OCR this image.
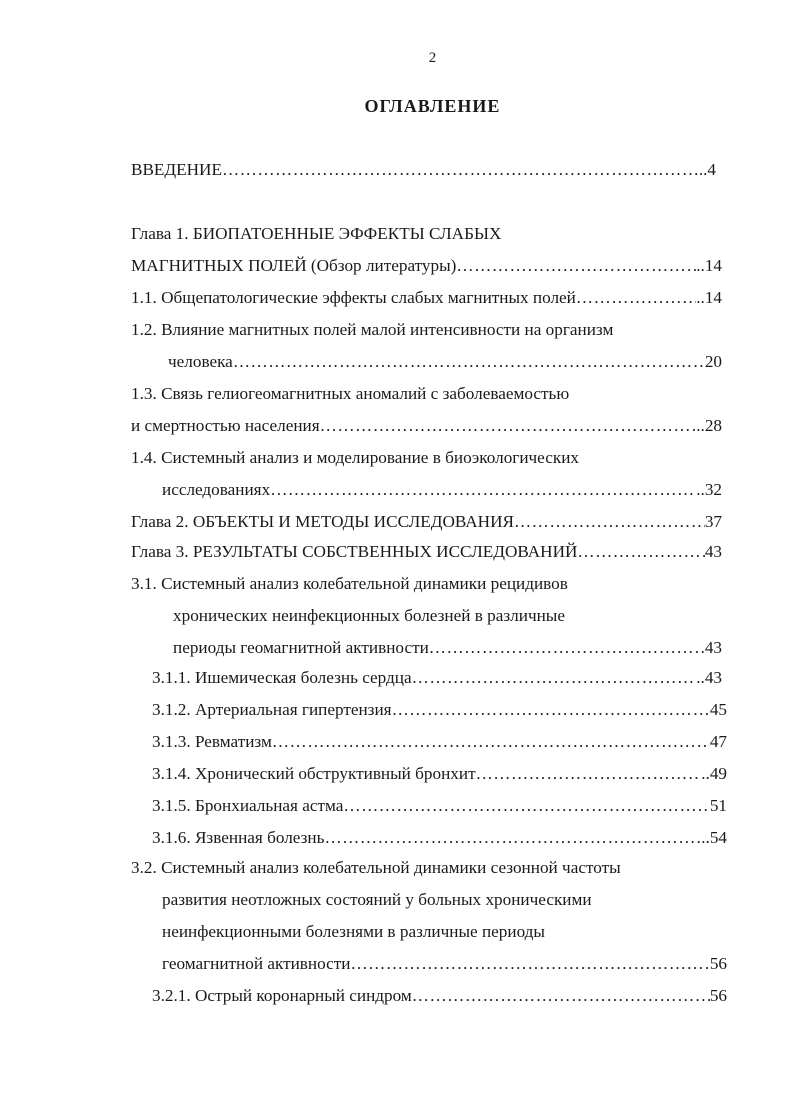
2
ОГЛАВЛЕНИЕ
ВВЕДЕНИЕ ……………………………………………………………………………………………………………………………………………………………………………………	..4
Глава 1. БИОПАТОЕННЫЕ ЭФФЕКТЫ СЛАБЫХ
МАГНИТНЫХ ПОЛЕЙ (Обзор литературы) ……………………………………………………………………………………………………………………………………………………………………………………	..14
1.1. Общепатологические эффекты слабых магнитных полей ……………………………………………………………………………………………………………………………………………………………………………………	..14
1.2. Влияние магнитных полей малой интенсивности на организм
человека ……………………………………………………………………………………………………………………………………………………………………………………	20
1.3. Связь гелиогеомагнитных аномалий с заболеваемостью
и смертностью населения ……………………………………………………………………………………………………………………………………………………………………………………	..28
1.4. Системный анализ и моделирование в биоэкологических
исследованиях ……………………………………………………………………………………………………………………………………………………………………………………	..32
Глава 2. ОБЪЕКТЫ И МЕТОДЫ ИССЛЕДОВАНИЯ ……………………………………………………………………………………………………………………………………………………………………………………	37
Глава 3. РЕЗУЛЬТАТЫ СОБСТВЕННЫХ ИССЛЕДОВАНИЙ ……………………………………………………………………………………………………………………………………………………………………………………	43
3.1. Системный анализ колебательной динамики рецидивов
хронических неинфекционных болезней в различные
периоды геомагнитной активности ……………………………………………………………………………………………………………………………………………………………………………………	43
3.1.1. Ишемическая болезнь сердца ……………………………………………………………………………………………………………………………………………………………………………………	..43
3.1.2. Артериальная гипертензия ……………………………………………………………………………………………………………………………………………………………………………………	…45
3.1.3. Ревматизм ……………………………………………………………………………………………………………………………………………………………………………………	47
3.1.4. Хронический обструктивный бронхит ……………………………………………………………………………………………………………………………………………………………………………………	..49
3.1.5. Бронхиальная астма ……………………………………………………………………………………………………………………………………………………………………………………	51
3.1.6. Язвенная болезнь ……………………………………………………………………………………………………………………………………………………………………………………	..54
3.2. Системный анализ колебательной динамики сезонной частоты
развития неотложных состояний у больных хроническими
неинфекционными болезнями в различные периоды
геомагнитной активности ……………………………………………………………………………………………………………………………………………………………………………………	56
3.2.1. Острый коронарный синдром ……………………………………………………………………………………………………………………………………………………………………………………	56
